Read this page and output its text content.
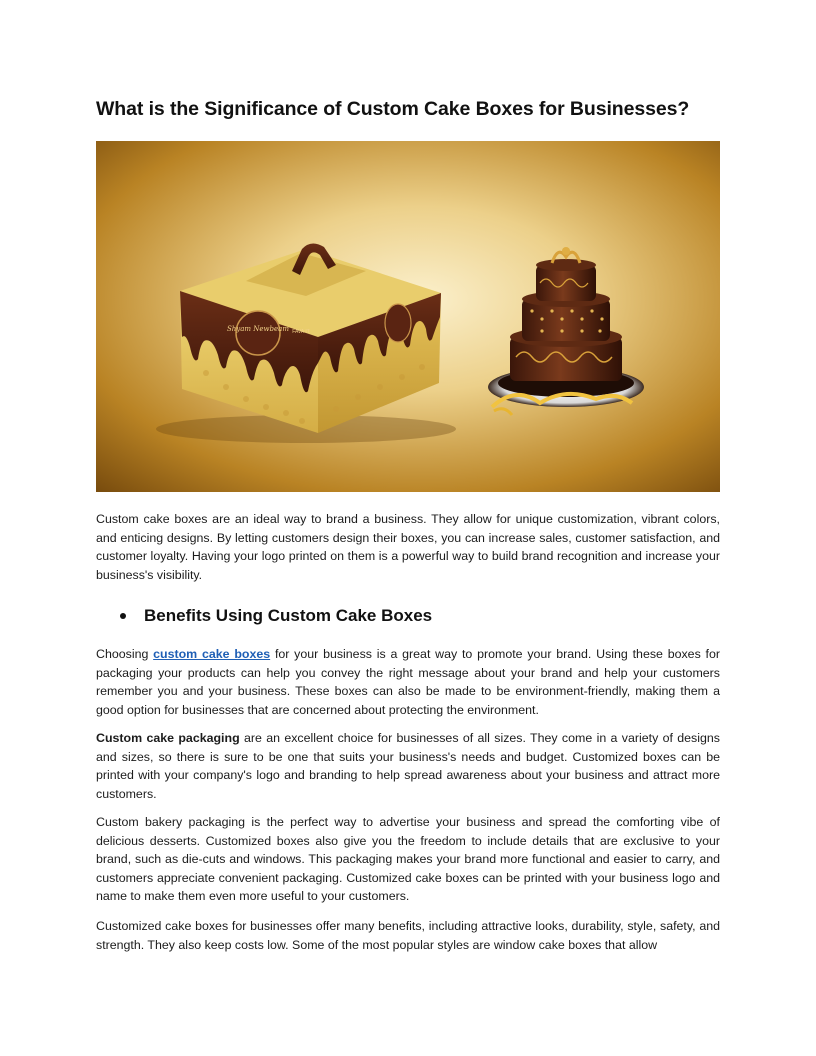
What is the Significance of Custom Cake Boxes for Businesses?
Shyam Newbeam FAVA IT

Custom cake boxes are an ideal way to brand a business. They allow for unique customization, vibrant colors, and enticing designs. By letting customers design their boxes, you can increase sales, customer satisfaction, and customer loyalty. Having your logo printed on them is a powerful way to build brand recognition and increase your business's visibility.

Benefits Using Custom Cake Boxes

Choosing custom cake boxes for your business is a great way to promote your brand. Using these boxes for packaging your products can help you convey the right message about your brand and help your customers remember you and your business. These boxes can also be made to be environment-friendly, making them a good option for businesses that are concerned about protecting the environment.

Custom cake packaging are an excellent choice for businesses of all sizes. They come in a variety of designs and sizes, so there is sure to be one that suits your business's needs and budget. Customized boxes can be printed with your company's logo and branding to help spread awareness about your business and attract more customers.

Custom bakery packaging is the perfect way to advertise your business and spread the comforting vibe of delicious desserts. Customized boxes also give you the freedom to include details that are exclusive to your brand, such as die-cuts and windows. This packaging makes your brand more functional and easier to carry, and customers appreciate convenient packaging. Customized cake boxes can be printed with your business logo and name to make them even more useful to your customers.

Customized cake boxes for businesses offer many benefits, including attractive looks, durability, style, safety, and strength. They also keep costs low. Some of the most popular styles are window cake boxes that allow
